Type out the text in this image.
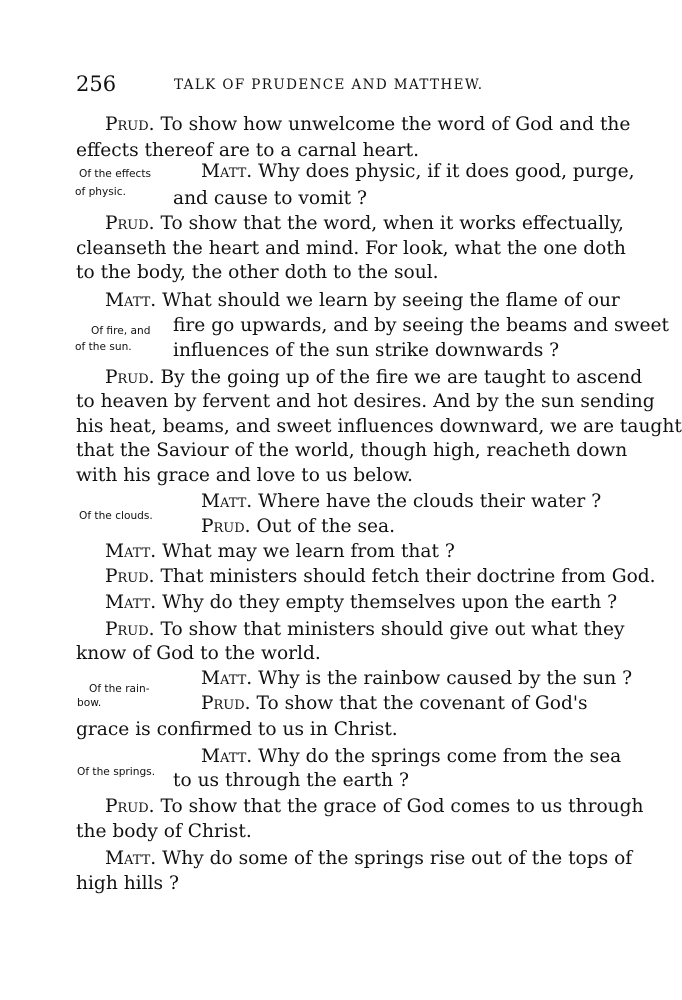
256	TALK OF PRUDENCE AND MATTHEW.
Prud. To show how unwelcome the word of God and the
effects thereof are to a carnal heart.
Matt. Why does physic, if it does good, purge,
and cause to vomit ?
Prud. To show that the word, when it works effectually,
cleanseth the heart and mind. For look, what the one doth
to the body, the other doth to the soul.
Matt. What should we learn by seeing the flame of our
fire go upwards, and by seeing the beams and sweet
influences of the sun strike downwards ?
Prud. By the going up of the fire we are taught to ascend
to heaven by fervent and hot desires. And by the sun sending
his heat, beams, and sweet influences downward, we are taught
that the Saviour of the world, though high, reacheth down
with his grace and love to us below.
Matt. Where have the clouds their water ?
Prud. Out of the sea.
Matt. What may we learn from that ?
Prud. That ministers should fetch their doctrine from God.
Matt. Why do they empty themselves upon the earth ?
Prud. To show that ministers should give out what they
know of God to the world.
Matt. Why is the rainbow caused by the sun ?
Prud. To show that the covenant of God's
grace is confirmed to us in Christ.
Matt. Why do the springs come from the sea
to us through the earth ?
Prud. To show that the grace of God comes to us through
the body of Christ.
Matt. Why do some of the springs rise out of the tops of
high hills ?
Of the effects
of physic.
Of fire, and
of the sun.
Of the clouds.
Of the rain-
bow.
Of the springs.
